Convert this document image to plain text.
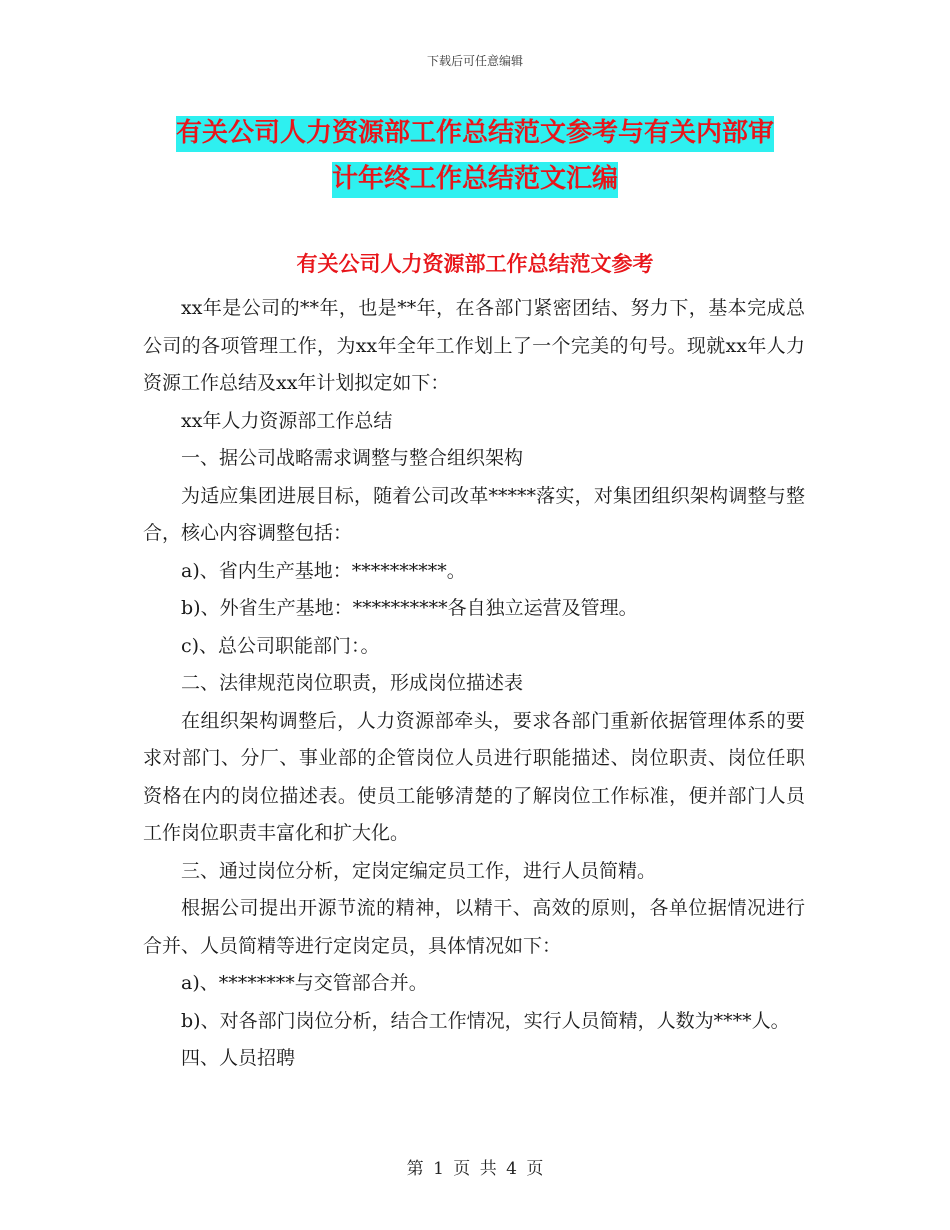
下载后可任意编辑
有关公司人力资源部工作总结范文参考与有关内部审
计年终工作总结范文汇编
有关公司人力资源部工作总结范文参考

xx年是公司的**年，也是**年，在各部门紧密团结、努力下，基本完成总公司的各项管理工作，为xx年全年工作划上了一个完美的句号。现就xx年人力资源工作总结及xx年计划拟定如下：

xx年人力资源部工作总结

一、据公司战略需求调整与整合组织架构

为适应集团进展目标，随着公司改革*****落实，对集团组织架构调整与整合，核心内容调整包括：

a)、省内生产基地：**********。

b)、外省生产基地：**********各自独立运营及管理。

c)、总公司职能部门：。

二、法律规范岗位职责，形成岗位描述表

在组织架构调整后，人力资源部牵头，要求各部门重新依据管理体系的要求对部门、分厂、事业部的企管岗位人员进行职能描述、岗位职责、岗位任职资格在内的岗位描述表。使员工能够清楚的了解岗位工作标准，便并部门人员工作岗位职责丰富化和扩大化。

三、通过岗位分析，定岗定编定员工作，进行人员简精。

根据公司提出开源节流的精神，以精干、高效的原则，各单位据情况进行合并、人员简精等进行定岗定员，具体情况如下：

a)、********与交管部合并。

b)、对各部门岗位分析，结合工作情况，实行人员简精，人数为****人。

四、人员招聘

第 1 页 共 4 页
